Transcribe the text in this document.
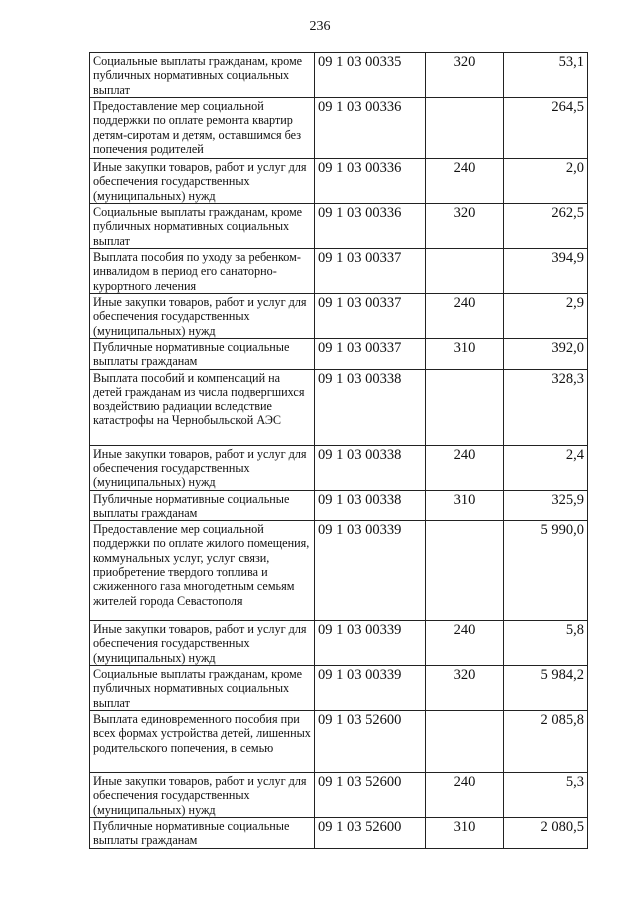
236
Социальные выплаты гражданам, кроме публичных нормативных социальных выплат	09 1 03 00335	320	53,1
Предоставление мер социальной поддержки по оплате ремонта квартир детям-сиротам и детям, оставшимся без попечения родителей	09 1 03 00336		264,5
Иные закупки товаров, работ и услуг для обеспечения государственных (муниципальных) нужд	09 1 03 00336	240	2,0
Социальные выплаты гражданам, кроме публичных нормативных социальных выплат	09 1 03 00336	320	262,5
Выплата пособия по уходу за ребенком-инвалидом в период его санаторно-курортного лечения	09 1 03 00337		394,9
Иные закупки товаров, работ и услуг для обеспечения государственных (муниципальных) нужд	09 1 03 00337	240	2,9
Публичные нормативные социальные выплаты гражданам	09 1 03 00337	310	392,0
Выплата пособий и компенсаций на детей гражданам из числа подвергшихся воздействию радиации вследствие катастрофы на Чернобыльской АЭС	09 1 03 00338		328,3
Иные закупки товаров, работ и услуг для обеспечения государственных (муниципальных) нужд	09 1 03 00338	240	2,4
Публичные нормативные социальные выплаты гражданам	09 1 03 00338	310	325,9
Предоставление мер социальной поддержки по оплате жилого помещения, коммунальных услуг, услуг связи, приобретение твердого топлива и сжиженного газа многодетным семьям жителей города Севастополя	09 1 03 00339		5 990,0
Иные закупки товаров, работ и услуг для обеспечения государственных (муниципальных) нужд	09 1 03 00339	240	5,8
Социальные выплаты гражданам, кроме публичных нормативных социальных выплат	09 1 03 00339	320	5 984,2
Выплата единовременного пособия при всех формах устройства детей, лишенных родительского попечения, в семью	09 1 03 52600		2 085,8
Иные закупки товаров, работ и услуг для обеспечения государственных (муниципальных) нужд	09 1 03 52600	240	5,3
Публичные нормативные социальные выплаты гражданам	09 1 03 52600	310	2 080,5
